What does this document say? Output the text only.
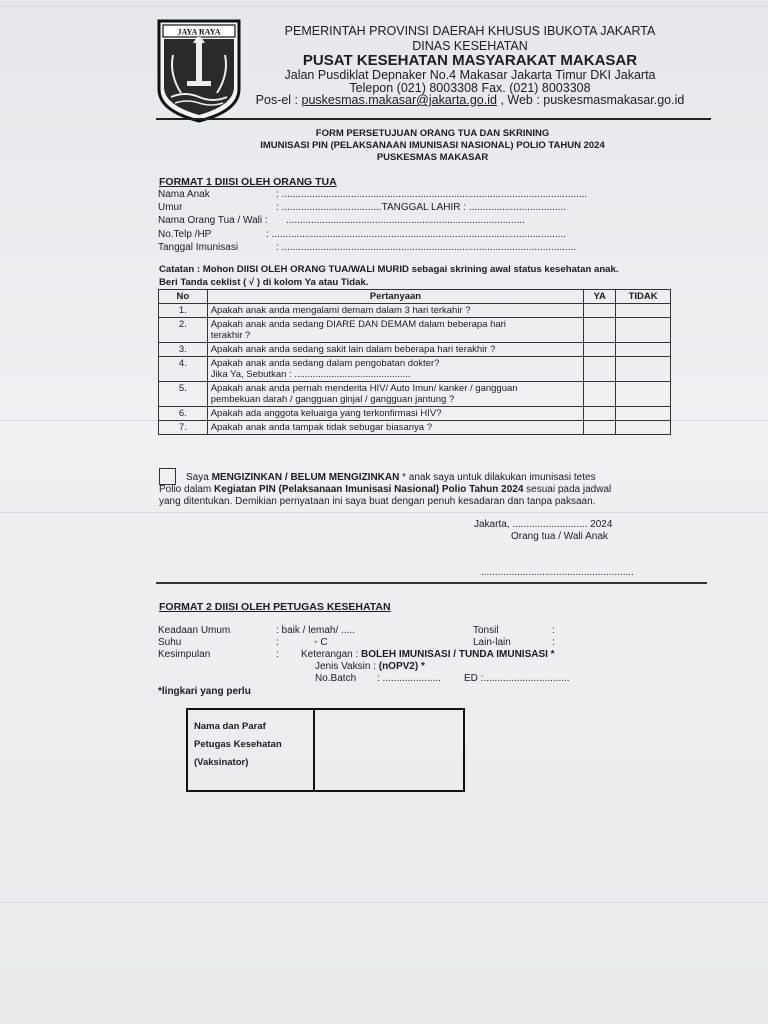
JAYA RAYA	PEMERINTAH PROVINSI DAERAH KHUSUS IBUKOTA JAKARTA
DINAS KESEHATAN
PUSAT KESEHATAN MASYARAKAT MAKASAR
Jalan Pusdiklat Depnaker No.4 Makasar Jakarta Timur DKI Jakarta
Telepon (021) 8003308 Fax. (021) 8003308
Pos-el : puskesmas.makasar@jakarta.go.id , Web : puskesmasmakasar.go.id
FORM PERSETUJUAN ORANG TUA DAN SKRINING
IMUNISASI PIN (PELAKSANAAN IMUNISASI NASIONAL) POLIO TAHUN 2024
PUSKESMAS MAKASAR
FORMAT 1 DIISI OLEH ORANG TUA
Nama Anak	: ..............................................................................................................
Umur	: ....................................TANGGAL LAHIR : ...................................
Nama Orang Tua / Wali : ......................................................................................
No.Telp /HP	: ..........................................................................................................
Tanggal Imunisasi	: ..........................................................................................................
Catatan : Mohon DIISI OLEH ORANG TUA/WALI MURID sebagai skrining awal status kesehatan anak.
Beri Tanda ceklist ( √ ) di kolom Ya atau Tidak.
No	Pertanyaan	YA	TIDAK
1.	Apakah anak anda mengalami demam dalam 3 hari terkahir ?		
2.	Apakah anak anda sedang DIARE DAN DEMAM dalam beberapa hari
terakhir ?		
3.	Apakah anak anda sedang sakit lain dalam beberapa hari terakhir ?		
4.	Apakah anak anda sedang dalam pengobatan dokter?
Jika Ya, Sebutkan : ............................................		
5.	Apakah anak anda pernah menderita HIV/ Auto Imun/ kanker / gangguan
pembekuan darah / gangguan ginjal / gangguan jantung ?		
6.	Apakah ada anggota keluarga yang terkonfirmasi HIV?		
7.	Apakah anak anda tampak tidak sebugar biasanya ?		
Saya MENGIZINKAN / BELUM MENGIZINKAN * anak saya untuk dilakukan imunisasi tetes
Polio dalam Kegiatan PIN (Pelaksanaan Imunisasi Nasional) Polio Tahun 2024 sesuai pada jadwal
yang ditentukan. Demikian pernyataan ini saya buat dengan penuh kesadaran dan tanpa paksaan.
Jakarta, ........................... 2024
Orang tua / Wali Anak
.......................................................
FORMAT 2 DIISI OLEH PETUGAS KESEHATAN
Keadaan Umum	: baik / lemah/ .....	Tonsil	:
Suhu	:	◦ C	Lain-lain	:
Kesimpulan	: Keterangan : BOLEH IMUNISASI / TUNDA IMUNISASI *
Jenis Vaksin : (nOPV2) *
No.Batch : ..................... ED :...............................
*lingkari yang perlu
Nama dan Paraf
Petugas Kesehatan
(Vaksinator)
